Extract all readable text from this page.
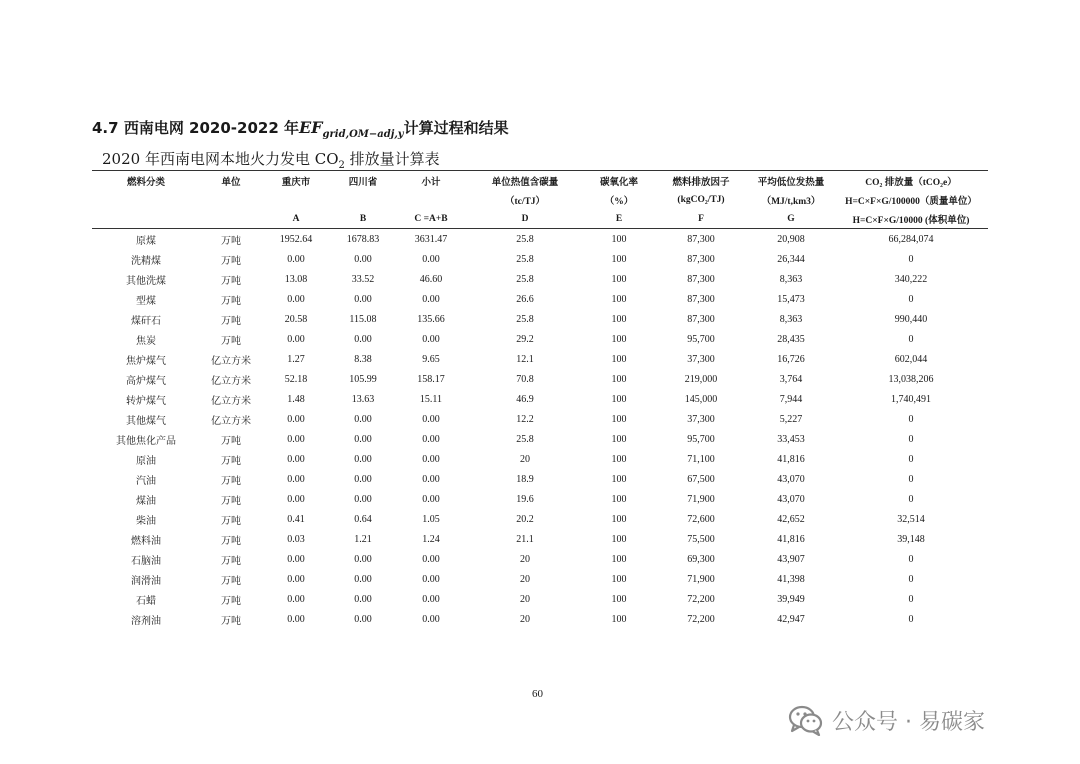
4.7 西南电网 2020-2022 年$EF_{grid,OM-adj,y}$计算过程和结果
2020 年西南电网本地火力发电 $CO_2$ 排放量计算表
燃料分类	单位	重庆市	四川省	小计	单位热值含碳量	碳氧化率	燃料排放因子	平均低位发热量	CO₂ 排放量（tCO₂e）
					（tc/TJ）	（%）	(kgCO₂/TJ)	（MJ/t,km3）	H=C×F×G/100000（质量单位）
		A	B	C =A+B	D	E	F	G	H=C×F×G/10000 (体积单位)
原煤	万吨	1952.64	1678.83	3631.47	25.8	100	87,300	20,908	66,284,074
洗精煤	万吨	0.00	0.00	0.00	25.8	100	87,300	26,344	0
其他洗煤	万吨	13.08	33.52	46.60	25.8	100	87,300	8,363	340,222
型煤	万吨	0.00	0.00	0.00	26.6	100	87,300	15,473	0
煤矸石	万吨	20.58	115.08	135.66	25.8	100	87,300	8,363	990,440
焦炭	万吨	0.00	0.00	0.00	29.2	100	95,700	28,435	0
焦炉煤气	亿立方米	1.27	8.38	9.65	12.1	100	37,300	16,726	602,044
高炉煤气	亿立方米	52.18	105.99	158.17	70.8	100	219,000	3,764	13,038,206
转炉煤气	亿立方米	1.48	13.63	15.11	46.9	100	145,000	7,944	1,740,491
其他煤气	亿立方米	0.00	0.00	0.00	12.2	100	37,300	5,227	0
其他焦化产品	万吨	0.00	0.00	0.00	25.8	100	95,700	33,453	0
原油	万吨	0.00	0.00	0.00	20	100	71,100	41,816	0
汽油	万吨	0.00	0.00	0.00	18.9	100	67,500	43,070	0
煤油	万吨	0.00	0.00	0.00	19.6	100	71,900	43,070	0
柴油	万吨	0.41	0.64	1.05	20.2	100	72,600	42,652	32,514
燃料油	万吨	0.03	1.21	1.24	21.1	100	75,500	41,816	39,148
石脑油	万吨	0.00	0.00	0.00	20	100	69,300	43,907	0
润滑油	万吨	0.00	0.00	0.00	20	100	71,900	41,398	0
石蜡	万吨	0.00	0.00	0.00	20	100	72,200	39,949	0
溶剂油	万吨	0.00	0.00	0.00	20	100	72,200	42,947	0
60
公众号 · 易碳家
